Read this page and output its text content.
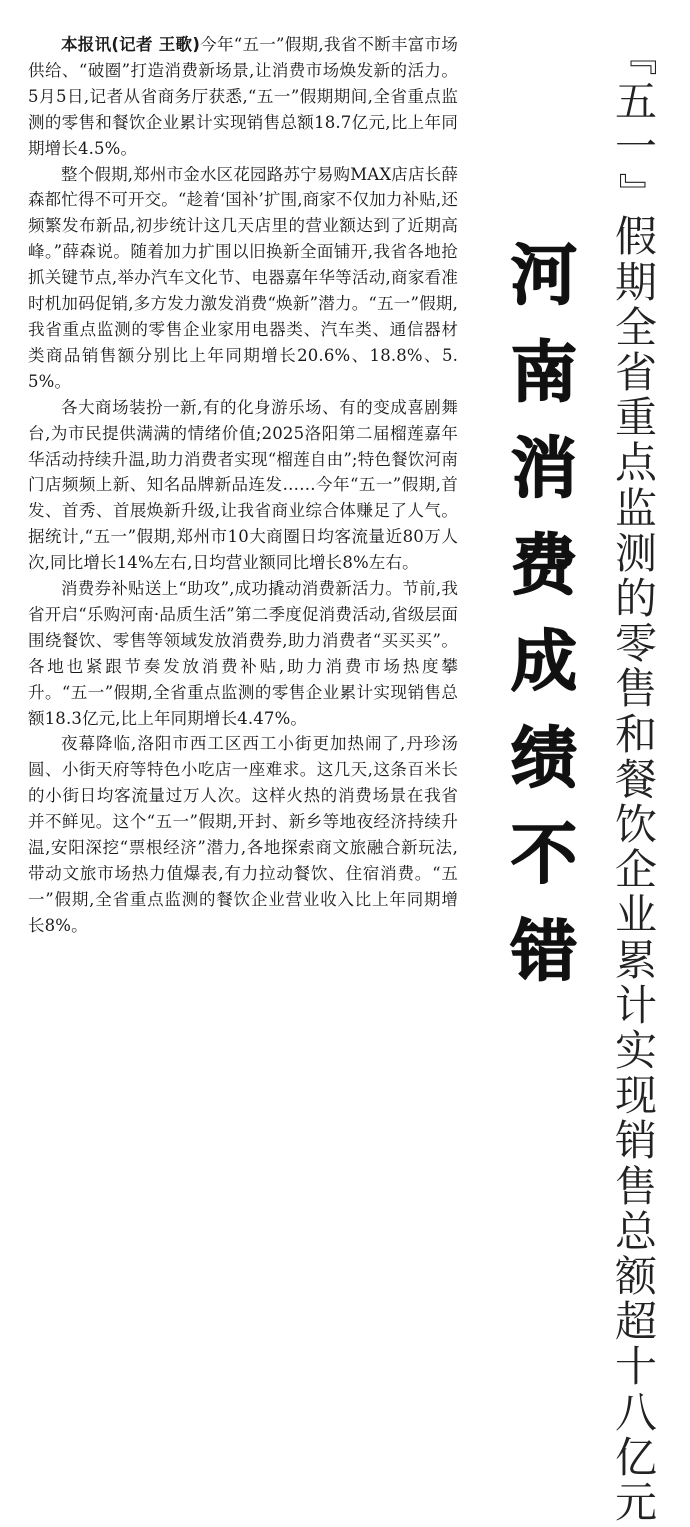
本报讯(记者 王歌)今年“五一”假期,我省不断丰富市场供给、“破圈”打造消费新场景,让消费市场焕发新的活力。5月5日,记者从省商务厅获悉,“五一”假期期间,全省重点监测的零售和餐饮企业累计实现销售总额18.7亿元,比上年同期增长4.5%。

整个假期,郑州市金水区花园路苏宁易购MAX店店长薛森都忙得不可开交。“趁着‘国补’扩围,商家不仅加力补贴,还频繁发布新品,初步统计这几天店里的营业额达到了近期高峰。”薛森说。随着加力扩围以旧换新全面铺开,我省各地抢抓关键节点,举办汽车文化节、电器嘉年华等活动,商家看准时机加码促销,多方发力激发消费“焕新”潜力。“五一”假期,我省重点监测的零售企业家用电器类、汽车类、通信器材类商品销售额分别比上年同期增长20.6%、18.8%、5.5%。

各大商场装扮一新,有的化身游乐场、有的变成喜剧舞台,为市民提供满满的情绪价值;2025洛阳第二届榴莲嘉年华活动持续升温,助力消费者实现“榴莲自由”;特色餐饮河南门店频频上新、知名品牌新品连发……今年“五一”假期,首发、首秀、首展焕新升级,让我省商业综合体赚足了人气。据统计,“五一”假期,郑州市10大商圈日均客流量近80万人次,同比增长14%左右,日均营业额同比增长8%左右。

消费券补贴送上“助攻”,成功撬动消费新活力。节前,我省开启“乐购河南·品质生活”第二季度促消费活动,省级层面围绕餐饮、零售等领域发放消费券,助力消费者“买买买”。各地也紧跟节奏发放消费补贴,助力消费市场热度攀升。“五一”假期,全省重点监测的零售企业累计实现销售总额18.3亿元,比上年同期增长4.47%。

夜幕降临,洛阳市西工区西工小街更加热闹了,丹珍汤圆、小街天府等特色小吃店一座难求。这几天,这条百米长的小街日均客流量过万人次。这样火热的消费场景在我省并不鲜见。这个“五一”假期,开封、新乡等地夜经济持续升温,安阳深挖“票根经济”潜力,各地探索商文旅融合新玩法,带动文旅市场热力值爆表,有力拉动餐饮、住宿消费。“五一”假期,全省重点监测的餐饮企业营业收入比上年同期增长8%。

河
南
消
费
成
绩
不
错
『
五
一
』
假
期
全
省
重
点
监
测
的
零
售
和
餐
饮
企
业
累
计
实
现
销
售
总
额
超
十
八
亿
元
